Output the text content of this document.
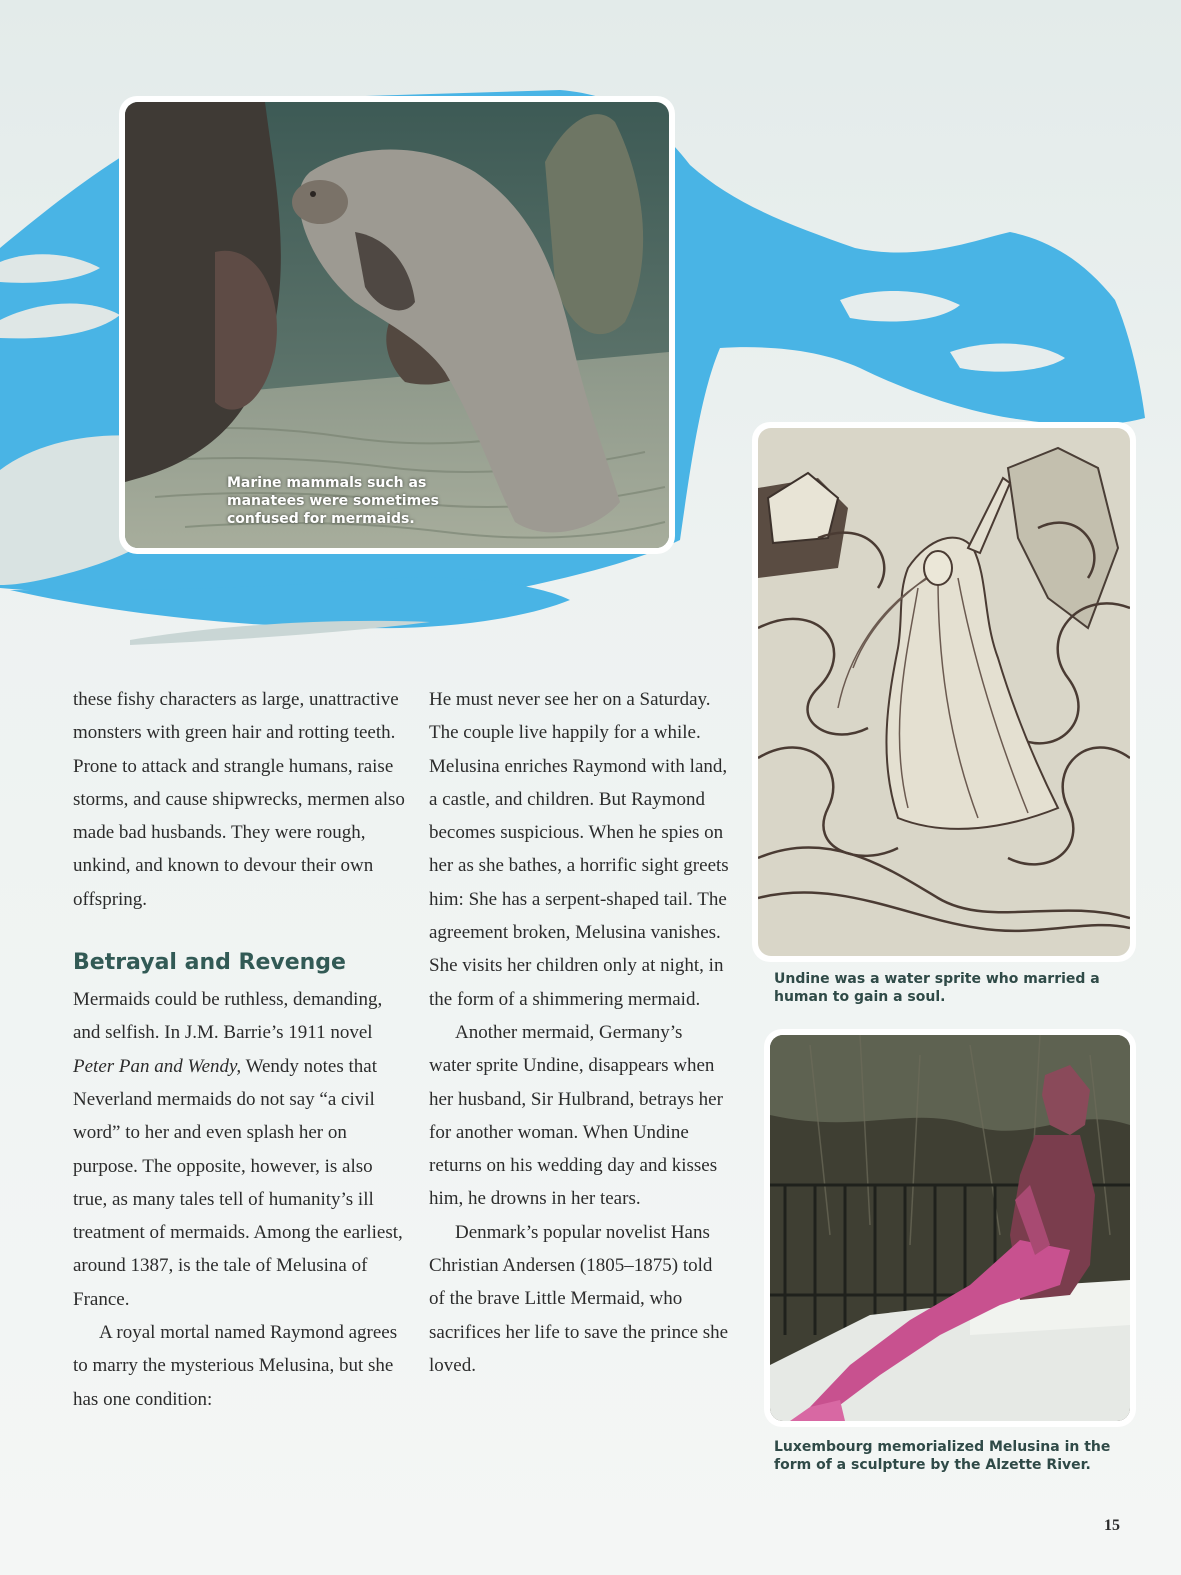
Marine mammals such as manatees were sometimes confused for mermaids.
Undine was a water sprite who married a human to gain a soul.
Luxembourg memorialized Melusina in the form of a sculpture by the Alzette River.

these fishy characters as large, unattractive monsters with green hair and rotting teeth. Prone to attack and strangle humans, raise storms, and cause shipwrecks, mermen also made bad husbands. They were rough, unkind, and known to devour their own offspring.

Betrayal and Revenge

Mermaids could be ruthless, demanding, and selfish. In J.M. Barrie’s 1911 novel Peter Pan and Wendy, Wendy notes that Neverland mermaids do not say “a civil word” to her and even splash her on purpose. The opposite, however, is also true, as many tales tell of humanity’s ill treatment of mermaids. Among the earliest, around 1387, is the tale of Melusina of France.

A royal mortal named Raymond agrees to marry the mysterious Melusina, but she has one condition:

He must never see her on a Saturday. The couple live happily for a while. Melusina enriches Raymond with land, a castle, and children. But Raymond becomes suspicious. When he spies on her as she bathes, a horrific sight greets him: She has a serpent-shaped tail. The agreement broken, Melusina vanishes. She visits her children only at night, in the form of a shimmering mermaid.

Another mermaid, Germany’s water sprite Undine, disappears when her husband, Sir Hulbrand, betrays her for another woman. When Undine returns on his wedding day and kisses him, he drowns in her tears.

Denmark’s popular novelist Hans Christian Andersen (1805–1875) told of the brave Little Mermaid, who sacrifices her life to save the prince she loved.

15
